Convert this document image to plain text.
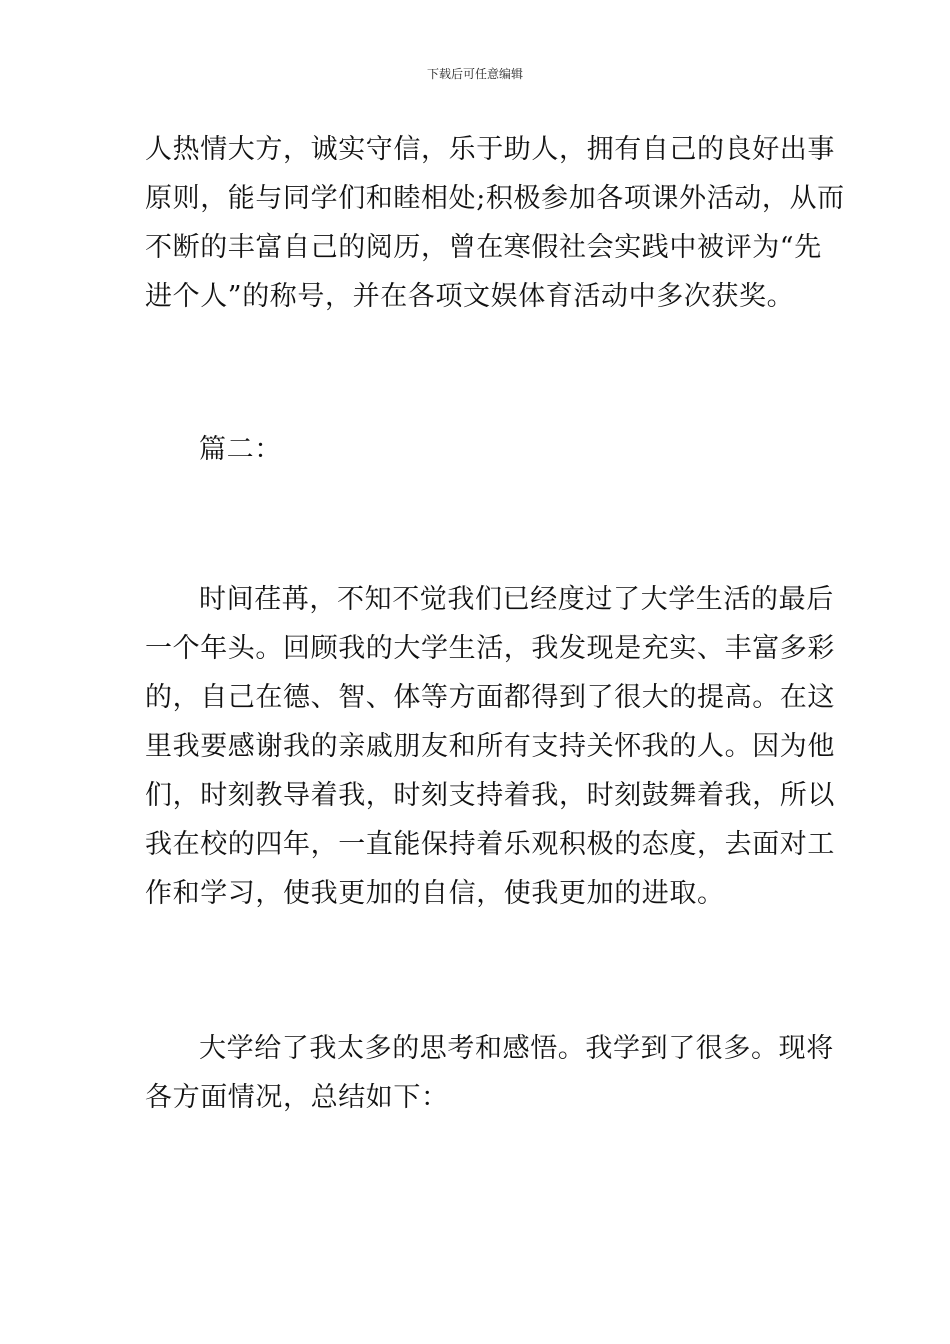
下载后可任意编辑
人热情大方，诚实守信，乐于助人，拥有自己的良好出事
原则，能与同学们和睦相处;积极参加各项课外活动，从而
不断的丰富自己的阅历，曾在寒假社会实践中被评为“先
进个人”的称号，并在各项文娱体育活动中多次获奖。
篇二：
时间荏苒，不知不觉我们已经度过了大学生活的最后
一个年头。回顾我的大学生活，我发现是充实、丰富多彩
的，自己在德、智、体等方面都得到了很大的提高。在这
里我要感谢我的亲戚朋友和所有支持关怀我的人。因为他
们，时刻教导着我，时刻支持着我，时刻鼓舞着我，所以
我在校的四年，一直能保持着乐观积极的态度，去面对工
作和学习，使我更加的自信，使我更加的进取。
大学给了我太多的思考和感悟。我学到了很多。现将
各方面情况，总结如下：
